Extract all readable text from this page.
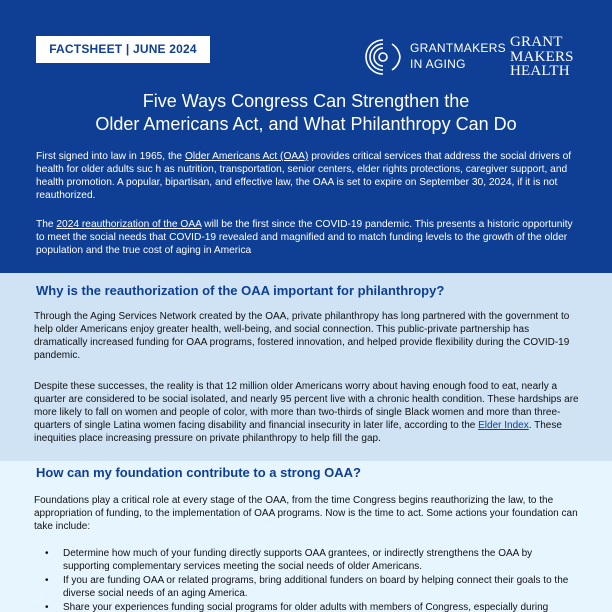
FACTSHEET | JUNE 2024	GRANTMAKERS
IN AGING
GRANT
MAKERS
HEALTH
Five Ways Congress Can Strengthen the
Older Americans Act, and What Philanthropy Can Do
First signed into law in 1965, the Older Americans Act (OAA) provides critical services that address the social drivers of health for older adults suc h as nutrition, transportation, senior centers, elder rights protections, caregiver support, and health promotion. A popular, bipartisan, and effective law, the OAA is set to expire on September 30, 2024, if it is not reauthorized.
The 2024 reauthorization of the OAA will be the first since the COVID-19 pandemic. This presents a historic opportunity to meet the social needs that COVID-19 revealed and magnified and to match funding levels to the growth of the older population and the true cost of aging in America
Why is the reauthorization of the OAA important for philanthropy?
Through the Aging Services Network created by the OAA, private philanthropy has long partnered with the government to help older Americans enjoy greater health, well-being, and social connection. This public-private partnership has dramatically increased funding for OAA programs, fostered innovation, and helped provide flexibility during the COVID-19 pandemic.
Despite these successes, the reality is that 12 million older Americans worry about having enough food to eat, nearly a quarter are considered to be social isolated, and nearly 95 percent live with a chronic health condition. These hardships are more likely to fall on women and people of color, with more than two-thirds of single Black women and more than three-quarters of single Latina women facing disability and financial insecurity in later life, according to the Elder Index. These inequities place increasing pressure on private philanthropy to help fill the gap.
How can my foundation contribute to a strong OAA?
Foundations play a critical role at every stage of the OAA, from the time Congress begins reauthorizing the law, to the appropriation of funding, to the implementation of OAA programs. Now is the time to act. Some actions your foundation can take include:
• Determine how much of your funding directly supports OAA grantees, or indirectly strengthens the OAA by supporting complementary services meeting the social needs of older Americans.
• If you are funding OAA or related programs, bring additional funders on board by helping connect their goals to the diverse social needs of an aging America.
• Share your experiences funding social programs for older adults with members of Congress, especially during
